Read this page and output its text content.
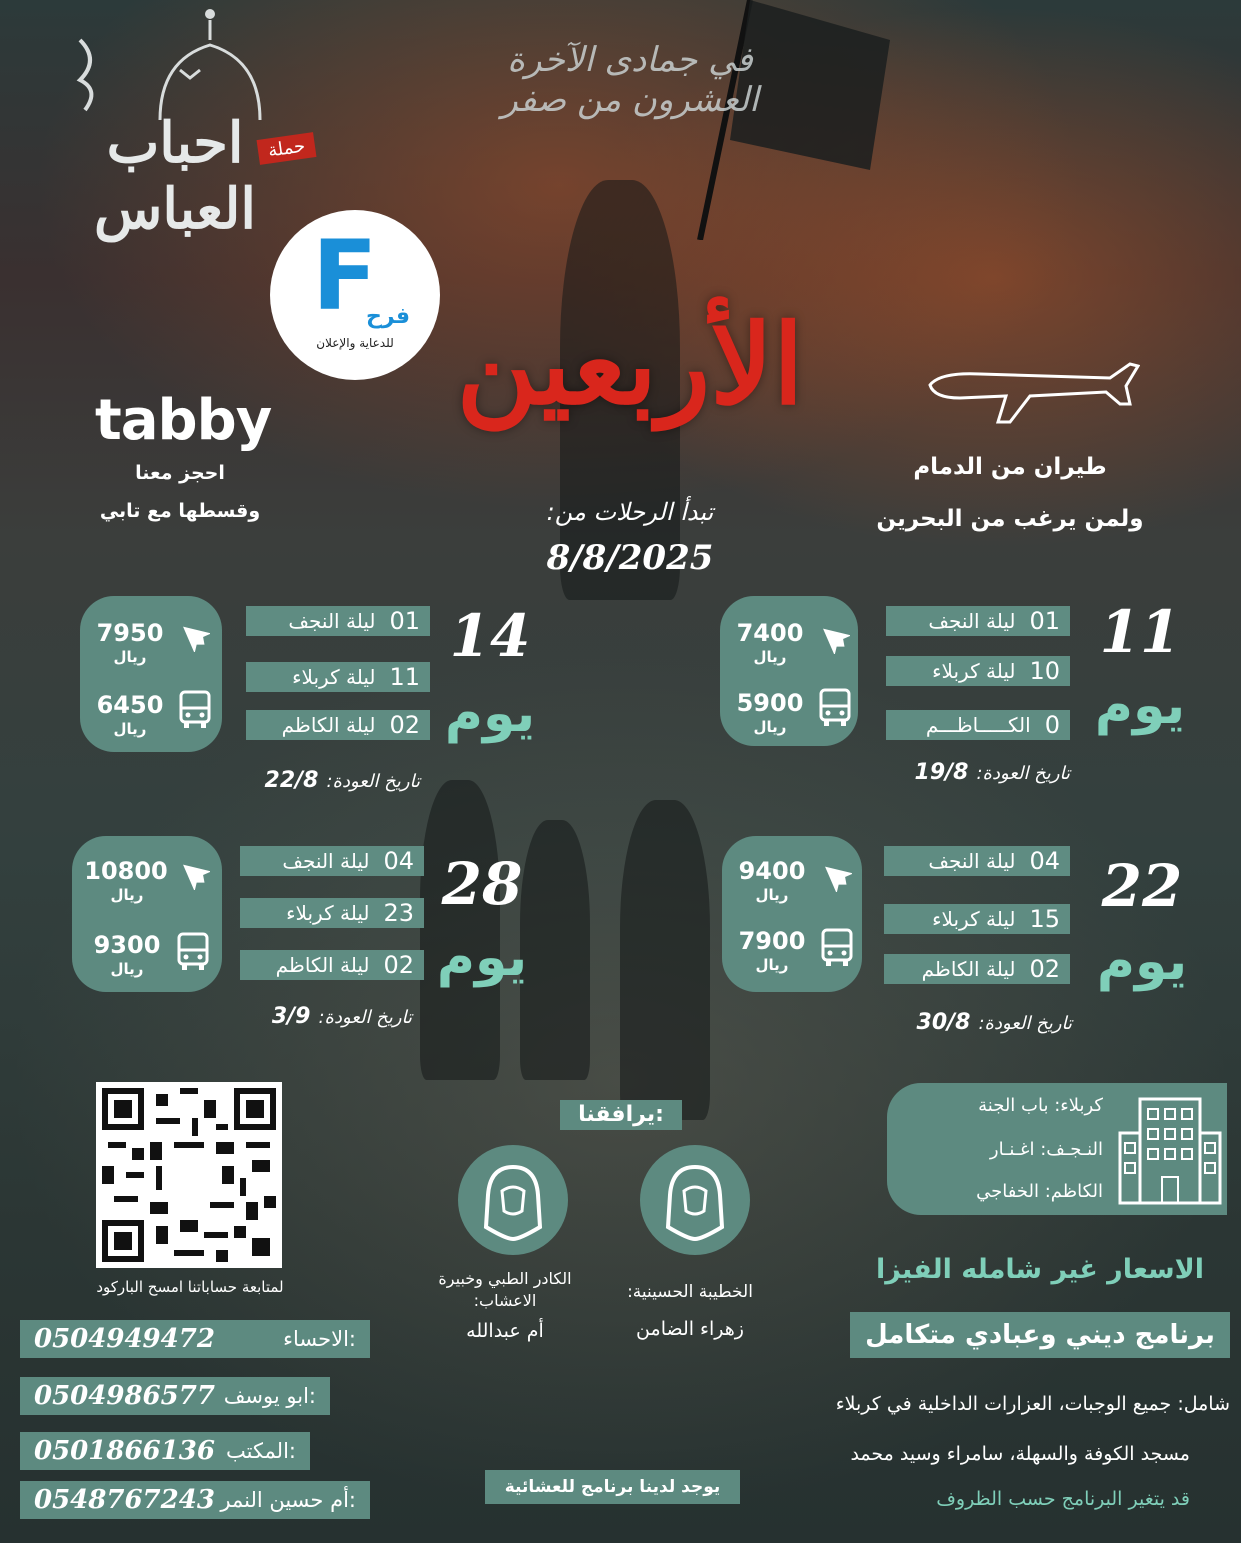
في جمادى الآخرة العشرون من صفر
احباب العباس
حملة
F
فرح
للدعاية والإعلان الأربعين
tabby
احجز معنا
وقسطها مع تابي	تبدأ الرحلات من:
8/8/2025
طيران من الدمام
ولمن يرغب من البحرين
7400
ريال
5900
ريال
ليلة النجف 01
ليلة كربلاء 10
الكـــــاظـــم 0
11
يوم
تاريخ العودة:19/8
7950
ريال
6450
ريال
ليلة النجف 01
ليلة كربلاء 11
ليلة الكاظم 02
14
يوم
تاريخ العودة:22/8
9400
ريال
7900
ريال
ليلة النجف 04
ليلة كربلاء 15
ليلة الكاظم 02
22
يوم
تاريخ العودة:30/8
10800
ريال
9300
ريال
ليلة النجف 04
ليلة كربلاء 23
ليلة الكاظم 02
28
يوم
تاريخ العودة:3/9
كربلاء: باب الجنة
النـجـف: اغـنـار
الكاظم: الخفاجي
يرافقنا:
الخطيبة الحسينية:
زهراء الضامن
الكادر الطبي وخبيرة الاعشاب:
أم عبدالله
لمتابعة حساباتنا امسح الباركود
0504949472	الاحساء:
0504986577 ابو يوسف:
0501866136 المكتب:
0548767243 أم حسين النمر:
الاسعار غير شامله الفيزا
برنامج ديني وعبادي متكامل
شامل: جميع الوجبات، العزارات الداخلية في كربلاء
مسجد الكوفة والسهلة، سامراء وسيد محمد
قد يتغير البرنامج حسب الظروف
يوجد لدينا برنامج للعشائية
